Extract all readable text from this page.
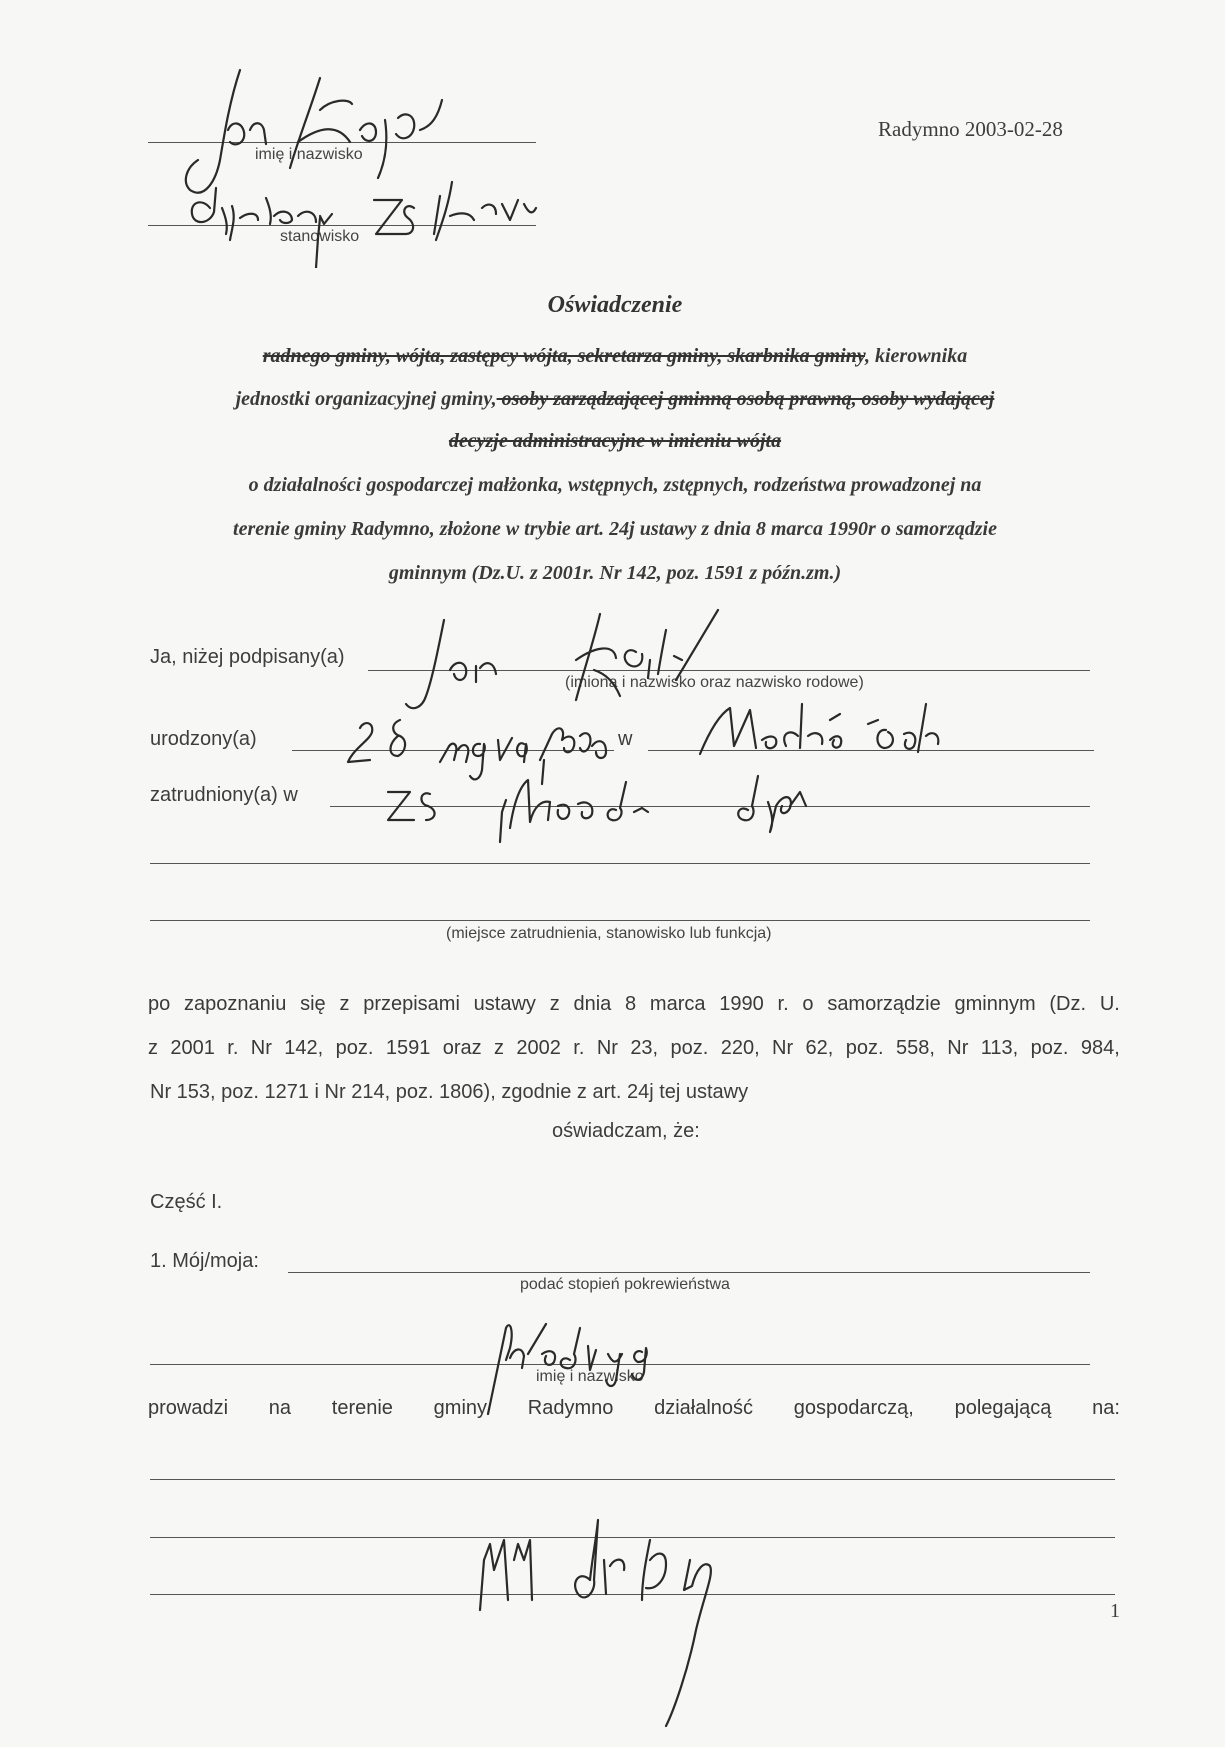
imię i nazwisko
stanowisko
Radymno 2003-02-28
Oświadczenie
radnego gminy, wójta, zastępcy wójta, sekretarza gminy, skarbnika gminy, kierownika
jednostki organizacyjnej gminy, osoby zarządzającej gminną osobą prawną, osoby wydającej
decyzje administracyjne w imieniu wójta
o działalności gospodarczej małżonka, wstępnych, zstępnych, rodzeństwa prowadzonej na
terenie gminy Radymno, złożone w trybie art. 24j ustawy z dnia 8 marca 1990r o samorządzie
gminnym (Dz.U. z 2001r. Nr 142, poz. 1591 z późn.zm.)
Ja, niżej podpisany(a)
(imiona i nazwisko oraz nazwisko rodowe)
urodzony(a)	w
zatrudniony(a) w
(miejsce zatrudnienia, stanowisko lub funkcja)
po zapoznaniu się z przepisami ustawy z dnia 8 marca 1990 r. o samorządzie gminnym (Dz. U.
z 2001 r. Nr 142, poz. 1591 oraz z 2002 r. Nr 23, poz. 220, Nr 62, poz. 558, Nr 113, poz. 984,
Nr 153, poz. 1271 i Nr 214, poz. 1806), zgodnie z art. 24j tej ustawy
oświadczam, że:
Część I.
1. Mój/moja:
podać stopień pokrewieństwa
imię i nazwisko
prowadzi na terenie gminy Radymno działalność gospodarczą, polegającą na:
1
